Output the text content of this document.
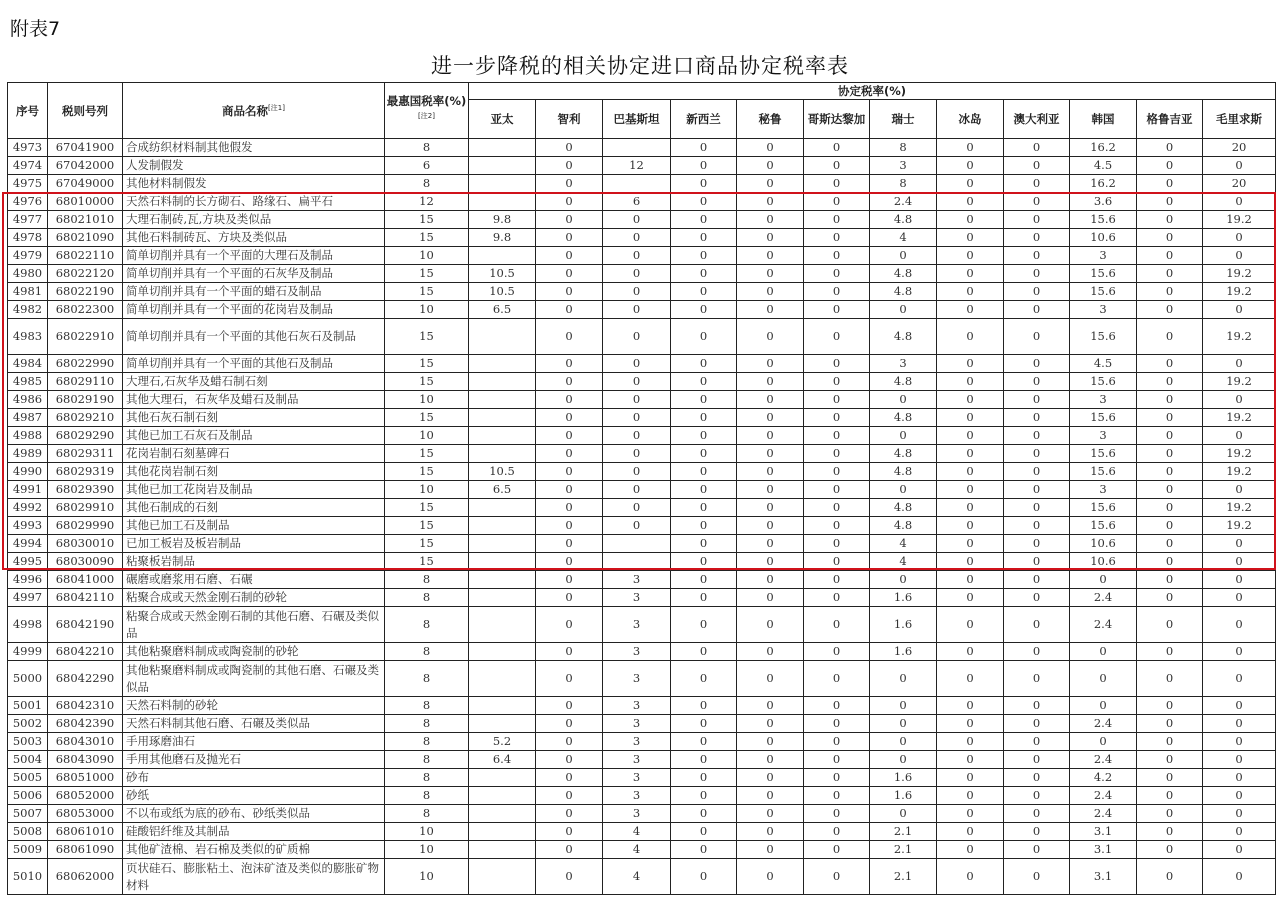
附表7
进一步降税的相关协定进口商品协定税率表
序号	税则号列	商品名称[注1]	最惠国税率(%)[注2]	协定税率(%)											
				亚太	智利	巴基斯坦	新西兰	秘鲁	哥斯达黎加	瑞士	冰岛	澳大利亚	韩国	格鲁吉亚	毛里求斯
4973	67041900	合成纺织材料制其他假发	8		0		0	0	0	8	0	0	16.2	0	20
4974	67042000	人发制假发	6		0	12	0	0	0	3	0	0	4.5	0	0
4975	67049000	其他材料制假发	8		0		0	0	0	8	0	0	16.2	0	20
4976	68010000	天然石料制的长方砌石、路缘石、扁平石	12		0	6	0	0	0	2.4	0	0	3.6	0	0
4977	68021010	大理石制砖,瓦,方块及类似品	15	9.8	0	0	0	0	0	4.8	0	0	15.6	0	19.2
4978	68021090	其他石料制砖瓦、方块及类似品	15	9.8	0	0	0	0	0	4	0	0	10.6	0	0
4979	68022110	简单切削并具有一个平面的大理石及制品	10		0	0	0	0	0	0	0	0	3	0	0
4980	68022120	简单切削并具有一个平面的石灰华及制品	15	10.5	0	0	0	0	0	4.8	0	0	15.6	0	19.2
4981	68022190	简单切削并具有一个平面的蜡石及制品	15	10.5	0	0	0	0	0	4.8	0	0	15.6	0	19.2
4982	68022300	简单切削并具有一个平面的花岗岩及制品	10	6.5	0	0	0	0	0	0	0	0	3	0	0
4983	68022910	简单切削并具有一个平面的其他石灰石及制品	15		0	0	0	0	0	4.8	0	0	15.6	0	19.2
4984	68022990	简单切削并具有一个平面的其他石及制品	15		0	0	0	0	0	3	0	0	4.5	0	0
4985	68029110	大理石,石灰华及蜡石制石刻	15		0	0	0	0	0	4.8	0	0	15.6	0	19.2
4986	68029190	其他大理石，石灰华及蜡石及制品	10		0	0	0	0	0	0	0	0	3	0	0
4987	68029210	其他石灰石制石刻	15		0	0	0	0	0	4.8	0	0	15.6	0	19.2
4988	68029290	其他已加工石灰石及制品	10		0	0	0	0	0	0	0	0	3	0	0
4989	68029311	花岗岩制石刻墓碑石	15		0	0	0	0	0	4.8	0	0	15.6	0	19.2
4990	68029319	其他花岗岩制石刻	15	10.5	0	0	0	0	0	4.8	0	0	15.6	0	19.2
4991	68029390	其他已加工花岗岩及制品	10	6.5	0	0	0	0	0	0	0	0	3	0	0
4992	68029910	其他石制成的石刻	15		0	0	0	0	0	4.8	0	0	15.6	0	19.2
4993	68029990	其他已加工石及制品	15		0	0	0	0	0	4.8	0	0	15.6	0	19.2
4994	68030010	已加工板岩及板岩制品	15		0		0	0	0	4	0	0	10.6	0	0
4995	68030090	粘聚板岩制品	15		0		0	0	0	4	0	0	10.6	0	0
4996	68041000	碾磨或磨浆用石磨、石碾	8		0	3	0	0	0	0	0	0	0	0	0
4997	68042110	粘聚合成或天然金刚石制的砂轮	8		0	3	0	0	0	1.6	0	0	2.4	0	0
4998	68042190	粘聚合成或天然金刚石制的其他石磨、石碾及类似品	8		0	3	0	0	0	1.6	0	0	2.4	0	0
4999	68042210	其他粘聚磨料制成或陶瓷制的砂轮	8		0	3	0	0	0	1.6	0	0	0	0	0
5000	68042290	其他粘聚磨料制成或陶瓷制的其他石磨、石碾及类似品	8		0	3	0	0	0	0	0	0	0	0	0
5001	68042310	天然石料制的砂轮	8		0	3	0	0	0	0	0	0	0	0	0
5002	68042390	天然石料制其他石磨、石碾及类似品	8		0	3	0	0	0	0	0	0	2.4	0	0
5003	68043010	手用琢磨油石	8	5.2	0	3	0	0	0	0	0	0	0	0	0
5004	68043090	手用其他磨石及抛光石	8	6.4	0	3	0	0	0	0	0	0	2.4	0	0
5005	68051000	砂布	8		0	3	0	0	0	1.6	0	0	4.2	0	0
5006	68052000	砂纸	8		0	3	0	0	0	1.6	0	0	2.4	0	0
5007	68053000	不以布或纸为底的砂布、砂纸类似品	8		0	3	0	0	0	0	0	0	2.4	0	0
5008	68061010	硅酸铝纤维及其制品	10		0	4	0	0	0	2.1	0	0	3.1	0	0
5009	68061090	其他矿渣棉、岩石棉及类似的矿质棉	10		0	4	0	0	0	2.1	0	0	3.1	0	0
5010	68062000	页状硅石、膨胀粘土、泡沫矿渣及类似的膨胀矿物材料	10		0	4	0	0	0	2.1	0	0	3.1	0	0
